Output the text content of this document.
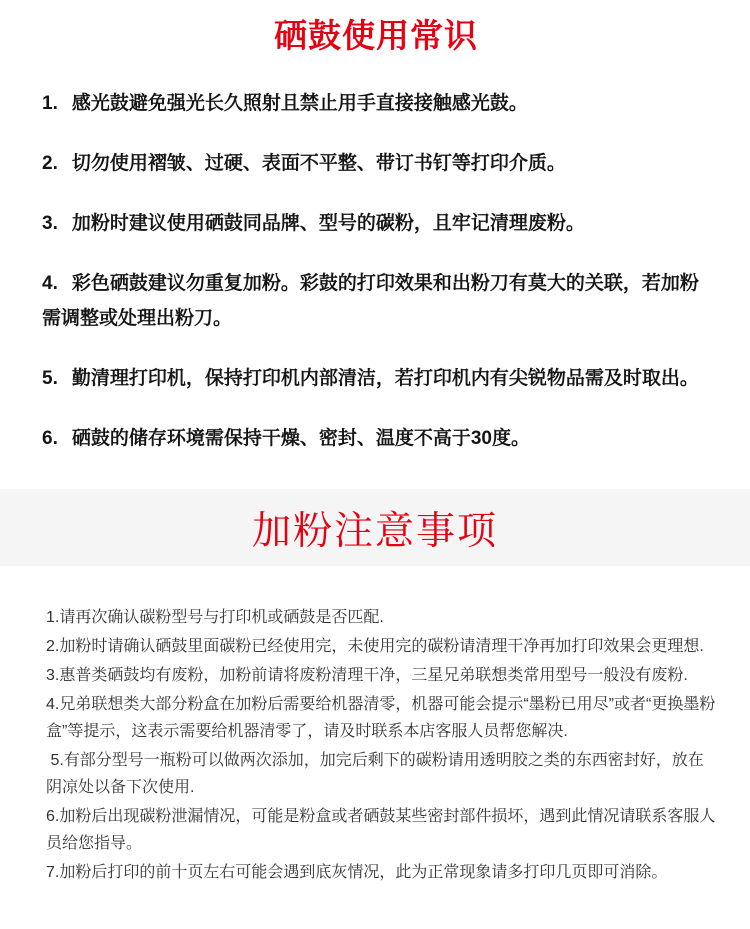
硒鼓使用常识

1. 感光鼓避免强光长久照射且禁止用手直接接触感光鼓。

2. 切勿使用褶皱、过硬、表面不平整、带订书钉等打印介质。

3. 加粉时建议使用硒鼓同品牌、型号的碳粉，且牢记清理废粉。

4. 彩色硒鼓建议勿重复加粉。彩鼓的打印效果和出粉刀有莫大的关联，若加粉需调整或处理出粉刀。

5. 勤清理打印机，保持打印机内部清洁，若打印机内有尖锐物品需及时取出。

6. 硒鼓的储存环境需保持干燥、密封、温度不高于30度。

加粉注意事项

1.请再次确认碳粉型号与打印机或硒鼓是否匹配.

2.加粉时请确认硒鼓里面碳粉已经使用完，未使用完的碳粉请清理干净再加打印效果会更理想.

3.惠普类硒鼓均有废粉，加粉前请将废粉清理干净，三星兄弟联想类常用型号一般没有废粉.

4.兄弟联想类大部分粉盒在加粉后需要给机器清零，机器可能会提示“墨粉已用尽”或者“更换墨粉盒”等提示，这表示需要给机器清零了，请及时联系本店客服人员帮您解决.

5.有部分型号一瓶粉可以做两次添加，加完后剩下的碳粉请用透明胶之类的东西密封好，放在阴凉处以备下次使用.

6.加粉后出现碳粉泄漏情况，可能是粉盒或者硒鼓某些密封部件损坏，遇到此情况请联系客服人员给您指导。

7.加粉后打印的前十页左右可能会遇到底灰情况，此为正常现象请多打印几页即可消除。
